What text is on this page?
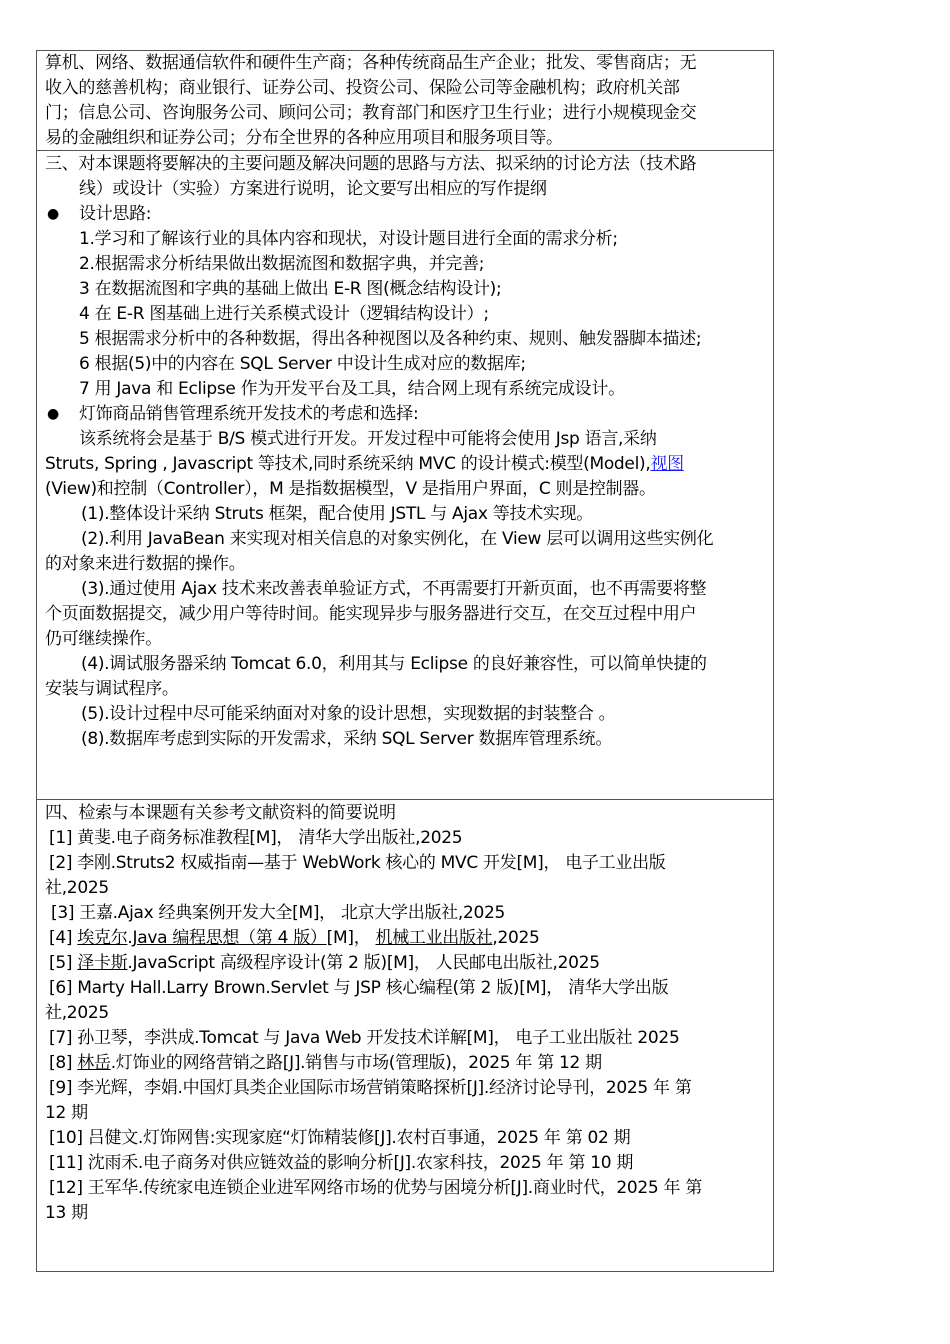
算机、网络、数据通信软件和硬件生产商；各种传统商品生产企业；批发、零售商店；无
收入的慈善机构；商业银行、证券公司、投资公司、保险公司等金融机构；政府机关部
门；信息公司、咨询服务公司、顾问公司；教育部门和医疗卫生行业；进行小规模现金交
易的金融组织和证券公司；分布全世界的各种应用项目和服务项目等。
三、对本课题将要解决的主要问题及解决问题的思路与方法、拟采纳的讨论方法（技术路
线）或设计（实验）方案进行说明，论文要写出相应的写作提纲
● 设计思路:
1.学习和了解该行业的具体内容和现状，对设计题目进行全面的需求分析;
2.根据需求分析结果做出数据流图和数据字典，并完善;
3 在数据流图和字典的基础上做出 E-R 图(概念结构设计);
4 在 E-R 图基础上进行关系模式设计（逻辑结构设计）;
5 根据需求分析中的各种数据，得出各种视图以及各种约束、规则、触发器脚本描述;
6 根据(5)中的内容在 SQL Server 中设计生成对应的数据库;
7 用 Java 和 Eclipse 作为开发平台及工具，结合网上现有系统完成设计。
● 灯饰商品销售管理系统开发技术的考虑和选择:
该系统将会是基于 B/S 模式进行开发。开发过程中可能将会使用 Jsp 语言,采纳
Struts, Spring , Javascript 等技术,同时系统采纳 MVC 的设计模式:模型(Model),视图
(View)和控制（Controller），M 是指数据模型，V 是指用户界面，C 则是控制器。
(1).整体设计采纳 Struts 框架，配合使用 JSTL 与 Ajax 等技术实现。
(2).利用 JavaBean 来实现对相关信息的对象实例化，在 View 层可以调用这些实例化
的对象来进行数据的操作。
(3).通过使用 Ajax 技术来改善表单验证方式，不再需要打开新页面，也不再需要将整
个页面数据提交，减少用户等待时间。能实现异步与服务器进行交互，在交互过程中用户
仍可继续操作。
(4).调试服务器采纳 Tomcat 6.0，利用其与 Eclipse 的良好兼容性，可以简单快捷的
安装与调试程序。
(5).设计过程中尽可能采纳面对对象的设计思想，实现数据的封装整合 。
(8).数据库考虑到实际的开发需求，采纳 SQL Server 数据库管理系统。
四、检索与本课题有关参考文献资料的简要说明
[1] 黄斐.电子商务标准教程[M]， 清华大学出版社,2025
[2] 李刚.Struts2 权威指南—基于 WebWork 核心的 MVC 开发[M]， 电子工业出版
社,2025
[3] 王嘉.Ajax 经典案例开发大全[M]， 北京大学出版社,2025
[4] 埃克尔.Java 编程思想（第 4 版）[M]， 机械工业出版社,2025
[5] 泽卡斯.JavaScript 高级程序设计(第 2 版)[M]， 人民邮电出版社,2025
[6] Marty Hall.Larry Brown.Servlet 与 JSP 核心编程(第 2 版)[M]， 清华大学出版
社,2025
[7] 孙卫琴，李洪成.Tomcat 与 Java Web 开发技术详解[M]， 电子工业出版社 2025
[8] 林岳.灯饰业的网络营销之路[J].销售与市场(管理版)，2025 年 第 12 期
[9] 李光辉，李娟.中国灯具类企业国际市场营销策略探析[J].经济讨论导刊，2025 年 第
12 期
[10] 吕健文.灯饰网售:实现家庭“灯饰精装修[J].农村百事通，2025 年 第 02 期
[11] 沈雨禾.电子商务对供应链效益的影响分析[J].农家科技，2025 年 第 10 期
[12] 王军华.传统家电连锁企业进军网络市场的优势与困境分析[J].商业时代，2025 年 第
13 期
